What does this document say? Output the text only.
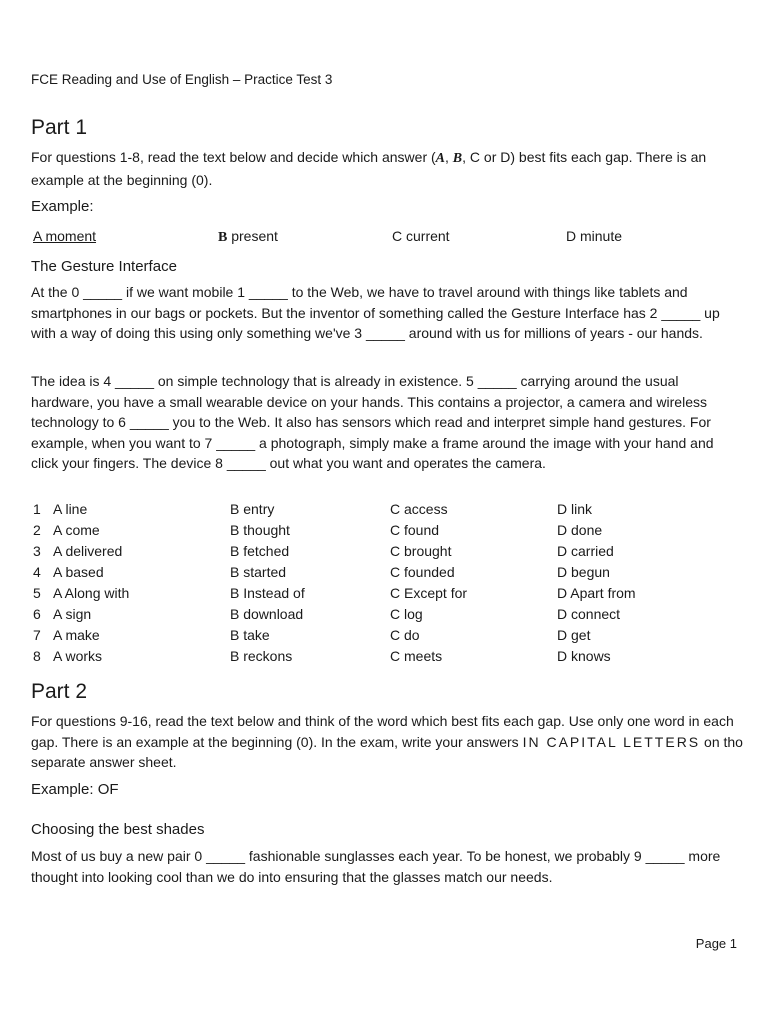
FCE Reading and Use of English – Practice Test 3
Part 1

For questions 1-8, read the text below and decide which answer (A, B, C or D) best fits each gap. There is an example at the beginning (0).

Example:
A moment	B present	C current	D minute
The Gesture Interface

At the 0 _____ if we want mobile 1 _____ to the Web, we have to travel around with things like tablets and smartphones in our bags or pockets. But the inventor of something called the Gesture Interface has 2 _____ up with a way of doing this using only something we've 3 _____ around with us for millions of years - our hands.

The idea is 4 _____ on simple technology that is already in existence. 5 _____ carrying around the usual hardware, you have a small wearable device on your hands. This contains a projector, a camera and wireless technology to 6 _____ you to the Web. It also has sensors which read and interpret simple hand gestures. For example, when you want to 7 _____ a photograph, simply make a frame around the image with your hand and click your fingers. The device 8 _____ out what you want and operates the camera.

1 A line	B entry	C access	D link
2 A come	B thought	C found	D done
3 A delivered	B fetched	C brought	D carried
4 A based	B started	C founded	D begun
5 A Along with	B Instead of	C Except for	D Apart from
6 A sign	B download	C log	D connect
7 A make	B take	C do	D get
8 A works	B reckons	C meets	D knows
Part 2

For questions 9-16, read the text below and think of the word which best fits each gap. Use only one word in each gap. There is an example at the beginning (0). In the exam, write your answers IN CAPITAL LETTERS on tho separate answer sheet.

Example: OF
Choosing the best shades

Most of us buy a new pair 0 _____ fashionable sunglasses each year. To be honest, we probably 9 _____ more thought into looking cool than we do into ensuring that the glasses match our needs.

Page 1
